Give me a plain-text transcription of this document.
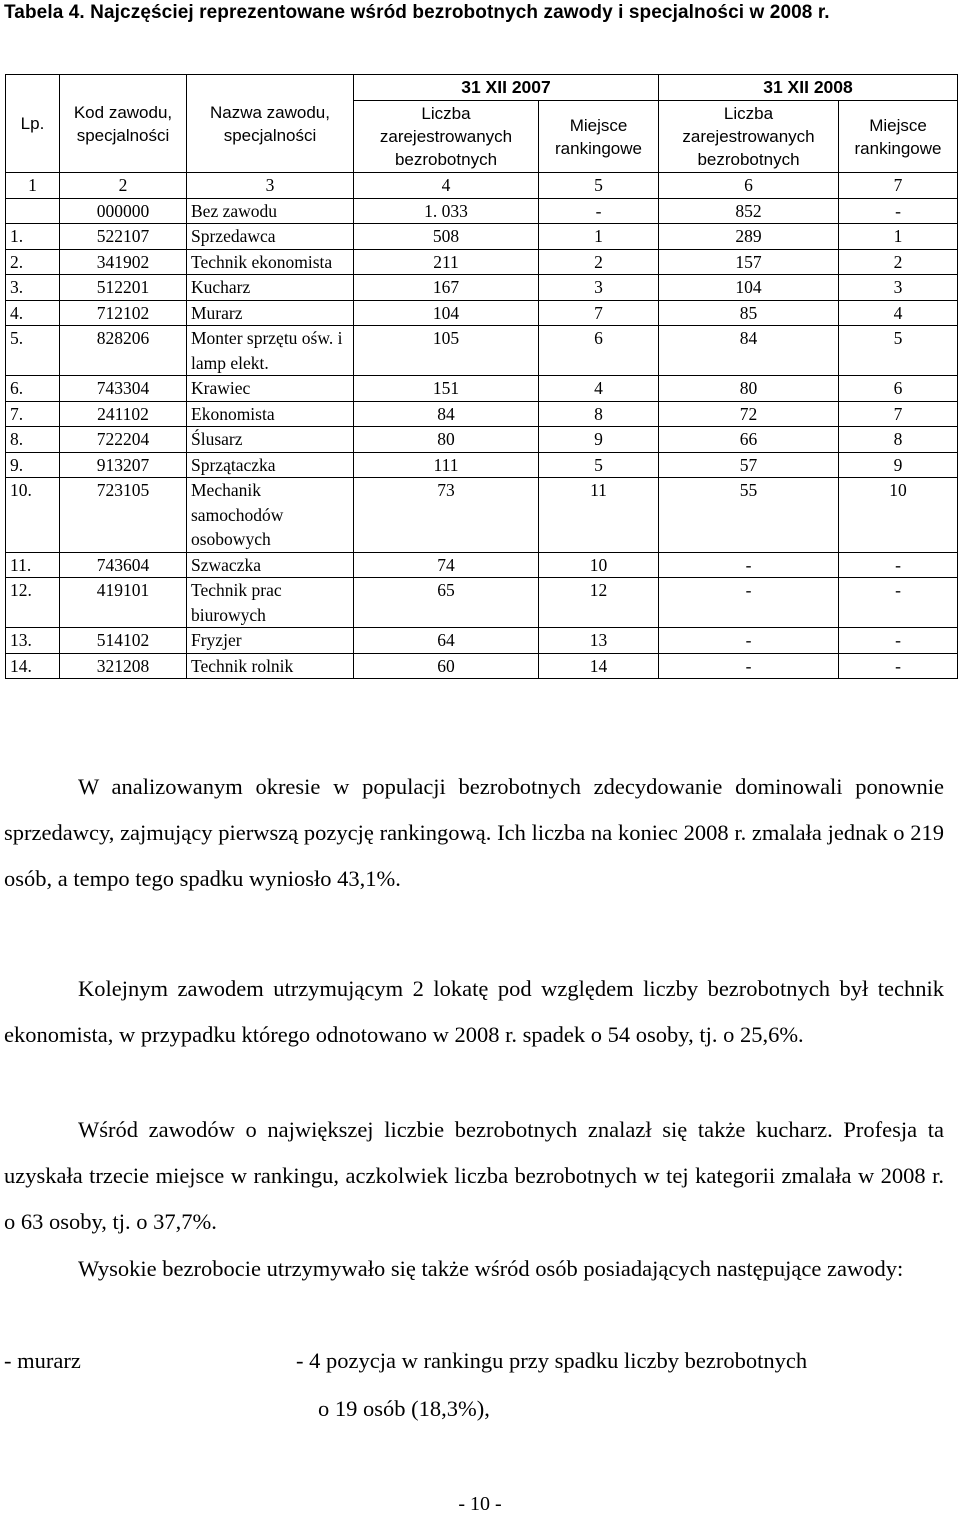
Tabela 4. Najczęściej reprezentowane wśród bezrobotnych zawody i specjalności w 2008 r.
Lp.	Kod zawodu, specjalności	Nazwa zawodu, specjalności	31 XII 2007		31 XII 2008	
			Liczba zarejestrowanych bezrobotnych	Miejsce rankingowe	Liczba zarejestrowanych bezrobotnych	Miejsce rankingowe
1	2	3	4	5	6	7
	000000	Bez zawodu	1. 033	-	852	-
1.	522107	Sprzedawca	508	1	289	1
2.	341902	Technik ekonomista	211	2	157	2
3.	512201	Kucharz	167	3	104	3
4.	712102	Murarz	104	7	85	4
5.	828206	Monter sprzętu ośw. i lamp elekt.	105	6	84	5
6.	743304	Krawiec	151	4	80	6
7.	241102	Ekonomista	84	8	72	7
8.	722204	Ślusarz	80	9	66	8
9.	913207	Sprzątaczka	111	5	57	9
10.	723105	Mechanik samochodów osobowych	73	11	55	10
11.	743604	Szwaczka	74	10	-	-
12.	419101	Technik prac biurowych	65	12	-	-
13.	514102	Fryzjer	64	13	-	-
14.	321208	Technik rolnik	60	14	-	-
W analizowanym okresie w populacji bezrobotnych zdecydowanie dominowali ponownie sprzedawcy, zajmujący pierwszą pozycję rankingową. Ich liczba na koniec 2008 r. zmalała jednak o 219 osób, a tempo tego spadku wyniosło 43,1%.
Kolejnym zawodem utrzymującym 2 lokatę pod względem liczby bezrobotnych był technik ekonomista, w przypadku którego odnotowano w 2008 r. spadek o 54 osoby, tj. o 25,6%.
Wśród zawodów o największej liczbie bezrobotnych znalazł się także kucharz. Profesja ta uzyskała trzecie miejsce w rankingu, aczkolwiek liczba bezrobotnych w tej kategorii zmalała w 2008 r. o 63 osoby, tj. o 37,7%.
Wysokie bezrobocie utrzymywało się także wśród osób posiadających następujące zawody:
- murarz	- 4 pozycja w rankingu przy spadku liczby bezrobotnych
o 19 osób (18,3%),
- 10 -
